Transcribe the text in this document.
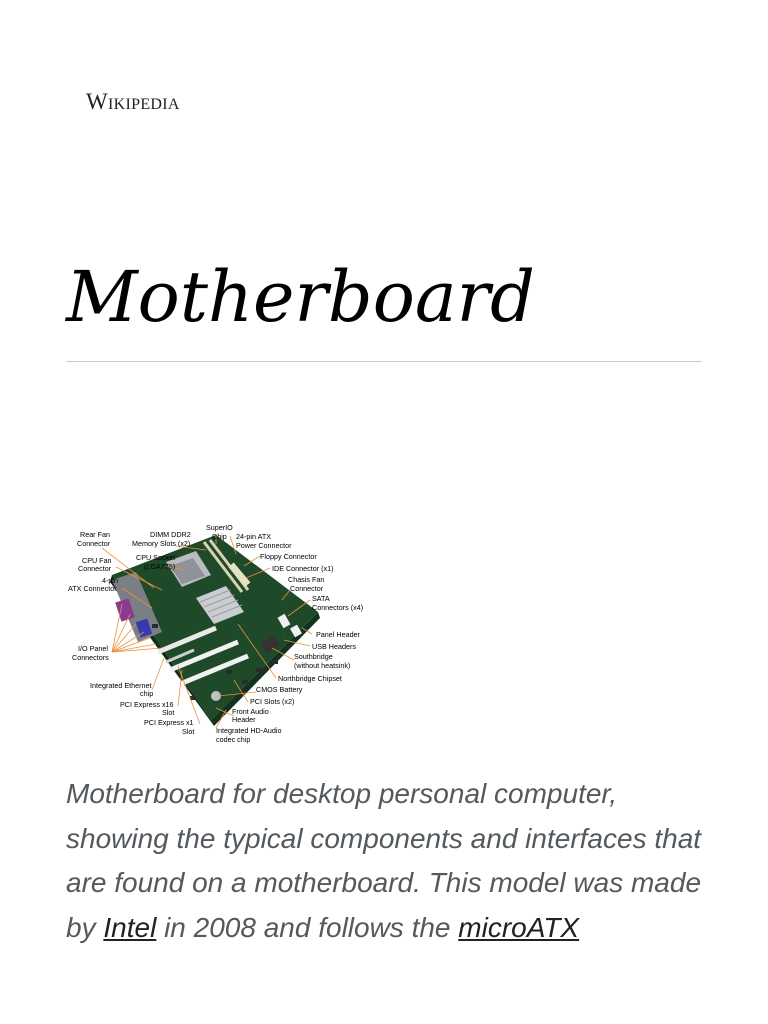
Wikipedia
Motherboard
Rear Fan
Connector
DIMM DDR2
Memory Slots (x2)
SuperIO
Chip 24-pin ATX
Power Connector
CPU Fan
Connector
CPU Socket
(LGA775)
Floppy Connector
IDE Connector (x1)
4-pin
ATX Connector
Chasis Fan
Connector
SATA
Connectors (x4)
Panel Header
I/O Panel
Connectors
USB Headers
Southbridge
(without heatsink)
Northbridge Chipset
Integrated Ethernet
chip	CMOS Battery
PCI Express x16
Slot
PCI Slots (x2)
PCI Express x1
Slot
Front Audio
Header
Integrated HD-Audio
codec chip

Motherboard for desktop personal computer, showing the typical components and interfaces that are found on a motherboard. This model was made by Intel in 2008 and follows the microATX
